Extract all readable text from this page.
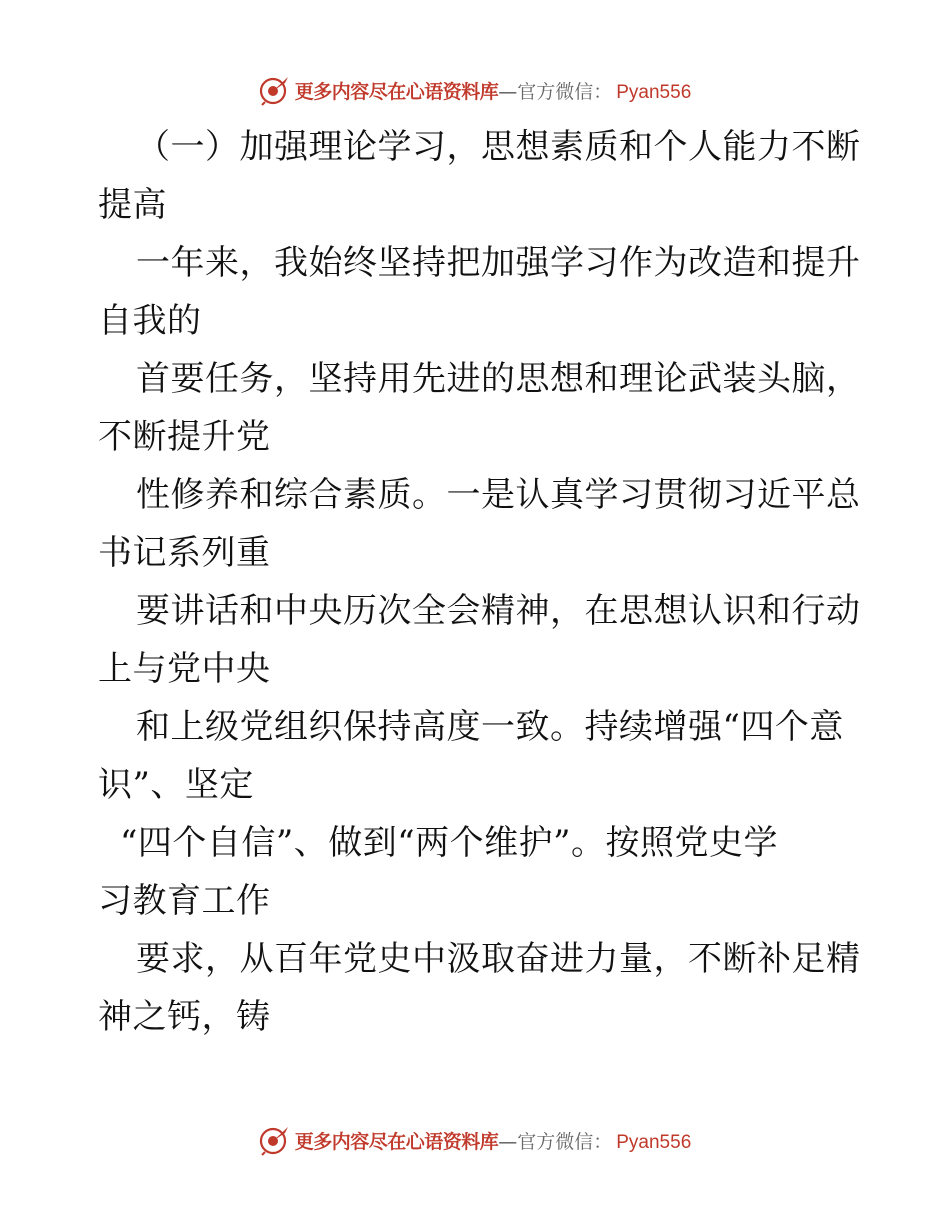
更多内容尽在心语资料库 — 官方微信： Pyan556
（一）加强理论学习，思想素质和个人能力不断
提高
一年来，我始终坚持把加强学习作为改造和提升
自我的
首要任务，坚持用先进的思想和理论武装头脑，
不断提升党
性修养和综合素质。一是认真学习贯彻习近平总
书记系列重
要讲话和中央历次全会精神，在思想认识和行动
上与党中央
和上级党组织保持高度一致。持续增强“四个意
识”、坚定
“四个自信”、做到“两个维护”。按照党史学
习教育工作
要求，从百年党史中汲取奋进力量，不断补足精
神之钙，铸
更多内容尽在心语资料库 — 官方微信： Pyan556
